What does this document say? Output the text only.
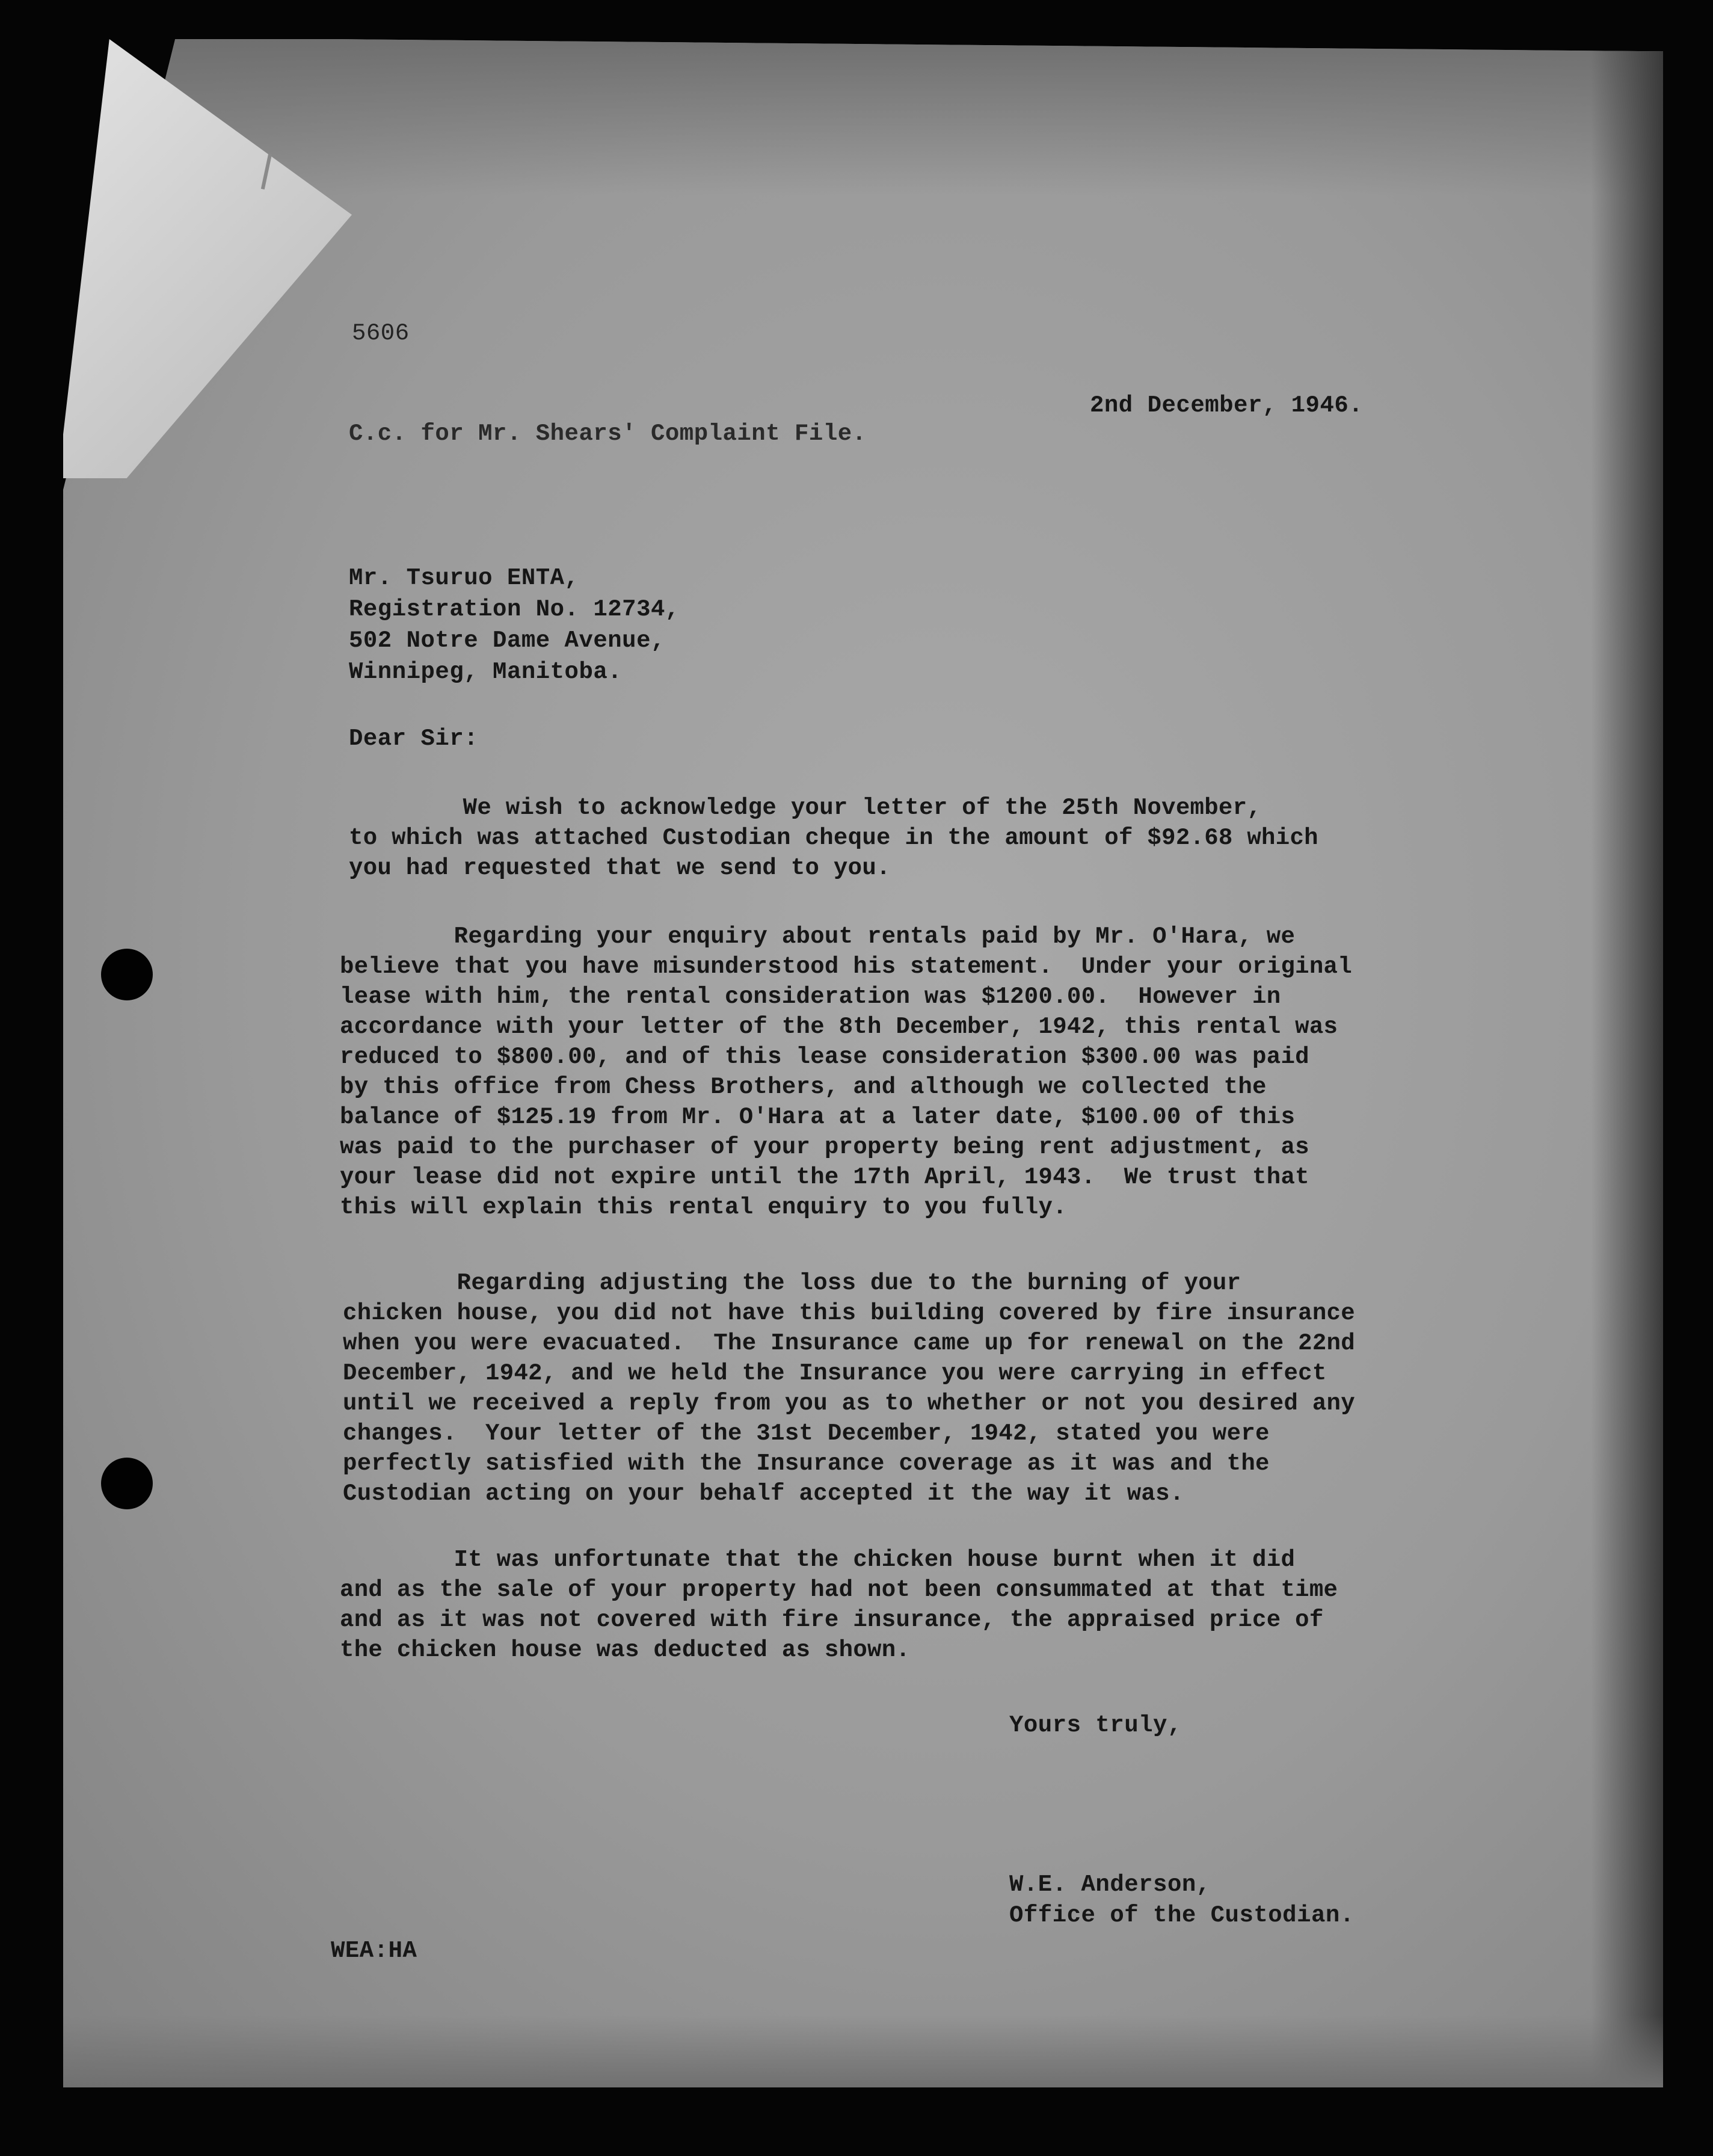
5606
2nd December, 1946.
C.c. for Mr. Shears' Complaint File.
Mr. Tsuruo ENTA,
Registration No. 12734,
502 Notre Dame Avenue,
Winnipeg, Manitoba.
Dear Sir:
We wish to acknowledge your letter of the 25th November,
to which was attached Custodian cheque in the amount of $92.68 which
you had requested that we send to you.
Regarding your enquiry about rentals paid by Mr. O'Hara, we
believe that you have misunderstood his statement.  Under your original
lease with him, the rental consideration was $1200.00.  However in
accordance with your letter of the 8th December, 1942, this rental was
reduced to $800.00, and of this lease consideration $300.00 was paid
by this office from Chess Brothers, and although we collected the
balance of $125.19 from Mr. O'Hara at a later date, $100.00 of this
was paid to the purchaser of your property being rent adjustment, as
your lease did not expire until the 17th April, 1943.  We trust that
this will explain this rental enquiry to you fully.
Regarding adjusting the loss due to the burning of your
chicken house, you did not have this building covered by fire insurance
when you were evacuated.  The Insurance came up for renewal on the 22nd
December, 1942, and we held the Insurance you were carrying in effect
until we received a reply from you as to whether or not you desired any
changes.  Your letter of the 31st December, 1942, stated you were
perfectly satisfied with the Insurance coverage as it was and the
Custodian acting on your behalf accepted it the way it was.
It was unfortunate that the chicken house burnt when it did
and as the sale of your property had not been consummated at that time
and as it was not covered with fire insurance, the appraised price of
the chicken house was deducted as shown.
Yours truly,
W.E. Anderson,
Office of the Custodian.
WEA:HA
